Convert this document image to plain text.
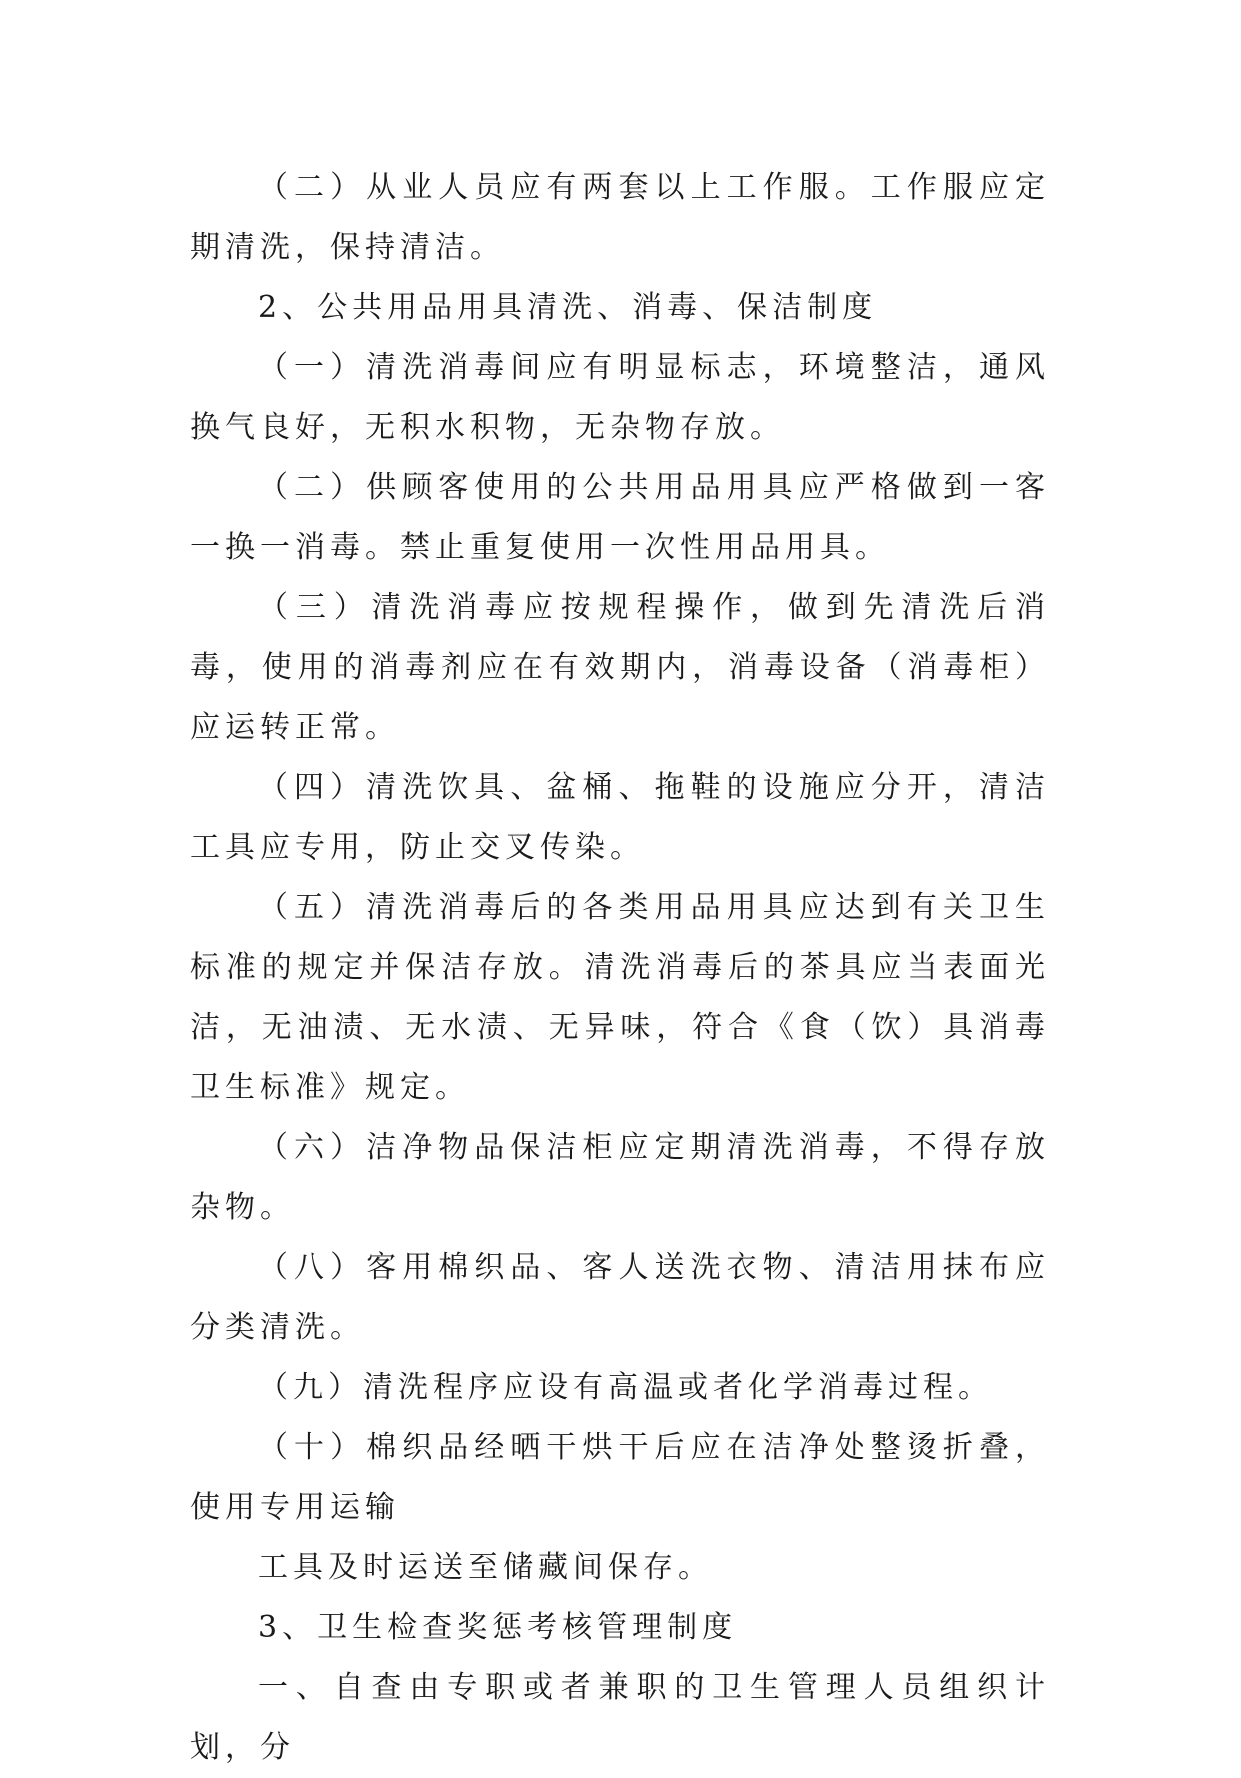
（二）从业人员应有两套以上工作服。工作服应定期清洗，保持清洁。

2、公共用品用具清洗、消毒、保洁制度

（一）清洗消毒间应有明显标志，环境整洁，通风换气良好，无积水积物，无杂物存放。

（二）供顾客使用的公共用品用具应严格做到一客一换一消毒。禁止重复使用一次性用品用具。

（三）清洗消毒应按规程操作，做到先清洗后消毒，使用的消毒剂应在有效期内，消毒设备（消毒柜）应运转正常。

（四）清洗饮具、盆桶、拖鞋的设施应分开，清洁工具应专用，防止交叉传染。

（五）清洗消毒后的各类用品用具应达到有关卫生标准的规定并保洁存放。清洗消毒后的茶具应当表面光洁，无油渍、无水渍、无异味，符合《食（饮）具消毒卫生标准》规定。

（六）洁净物品保洁柜应定期清洗消毒，不得存放杂物。

（八）客用棉织品、客人送洗衣物、清洁用抹布应分类清洗。

（九）清洗程序应设有高温或者化学消毒过程。

（十）棉织品经晒干烘干后应在洁净处整烫折叠，使用专用运输

工具及时运送至储藏间保存。

3、卫生检查奖惩考核管理制度

一、自查由专职或者兼职的卫生管理人员组织计划，分
